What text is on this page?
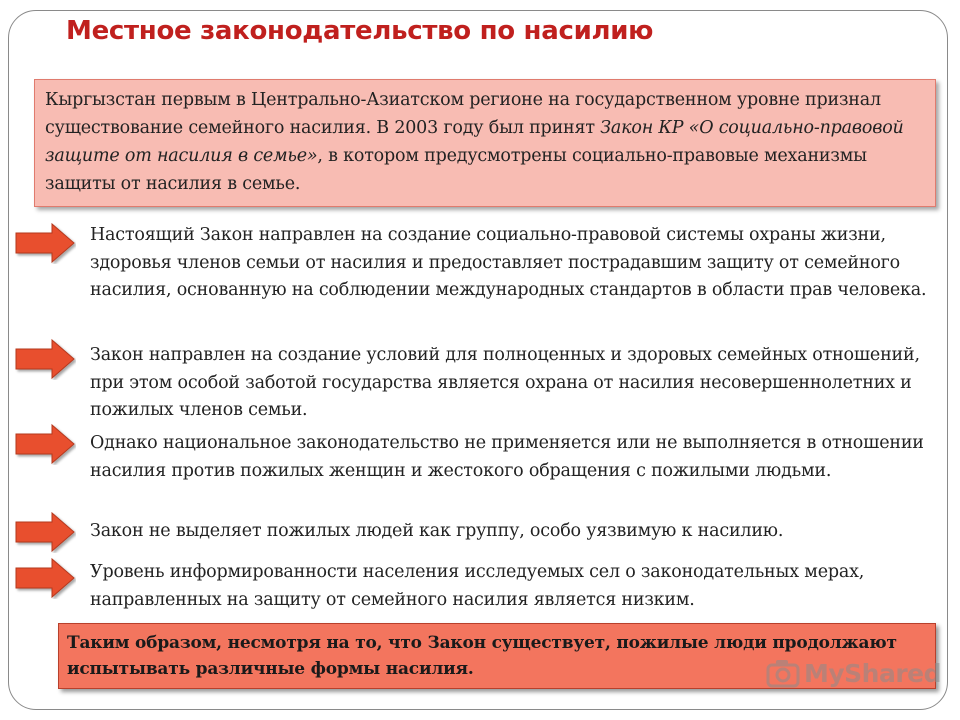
Местное законодательство по насилию
Кыргызстан первым в Центрально-Азиатском регионе на государственном уровне признал существование семейного насилия. В 2003 году был принят Закон КР «О социально-правовой защите от насилия в семье», в котором предусмотрены социально-правовые механизмы защиты от насилия в семье.
Настоящий Закон направлен на создание социально-правовой системы охраны жизни, здоровья членов семьи от насилия и предоставляет пострадавшим защиту от семейного насилия, основанную на соблюдении международных стандартов в области прав человека.
Закон направлен на создание условий для полноценных и здоровых семейных отношений, при этом особой заботой государства является охрана от насилия несовершеннолетних и пожилых членов семьи.
Однако национальное законодательство не применяется или не выполняется в отношении насилия против пожилых женщин и жестокого обращения с пожилыми людьми.
Закон не выделяет пожилых людей как группу, особо уязвимую к насилию.
Уровень информированности населения исследуемых сел о законодательных мерах, направленных на защиту от семейного насилия является низким.
Таким образом, несмотря на то, что Закон существует, пожилые люди продолжают испытывать различные формы насилия.	MyShared
